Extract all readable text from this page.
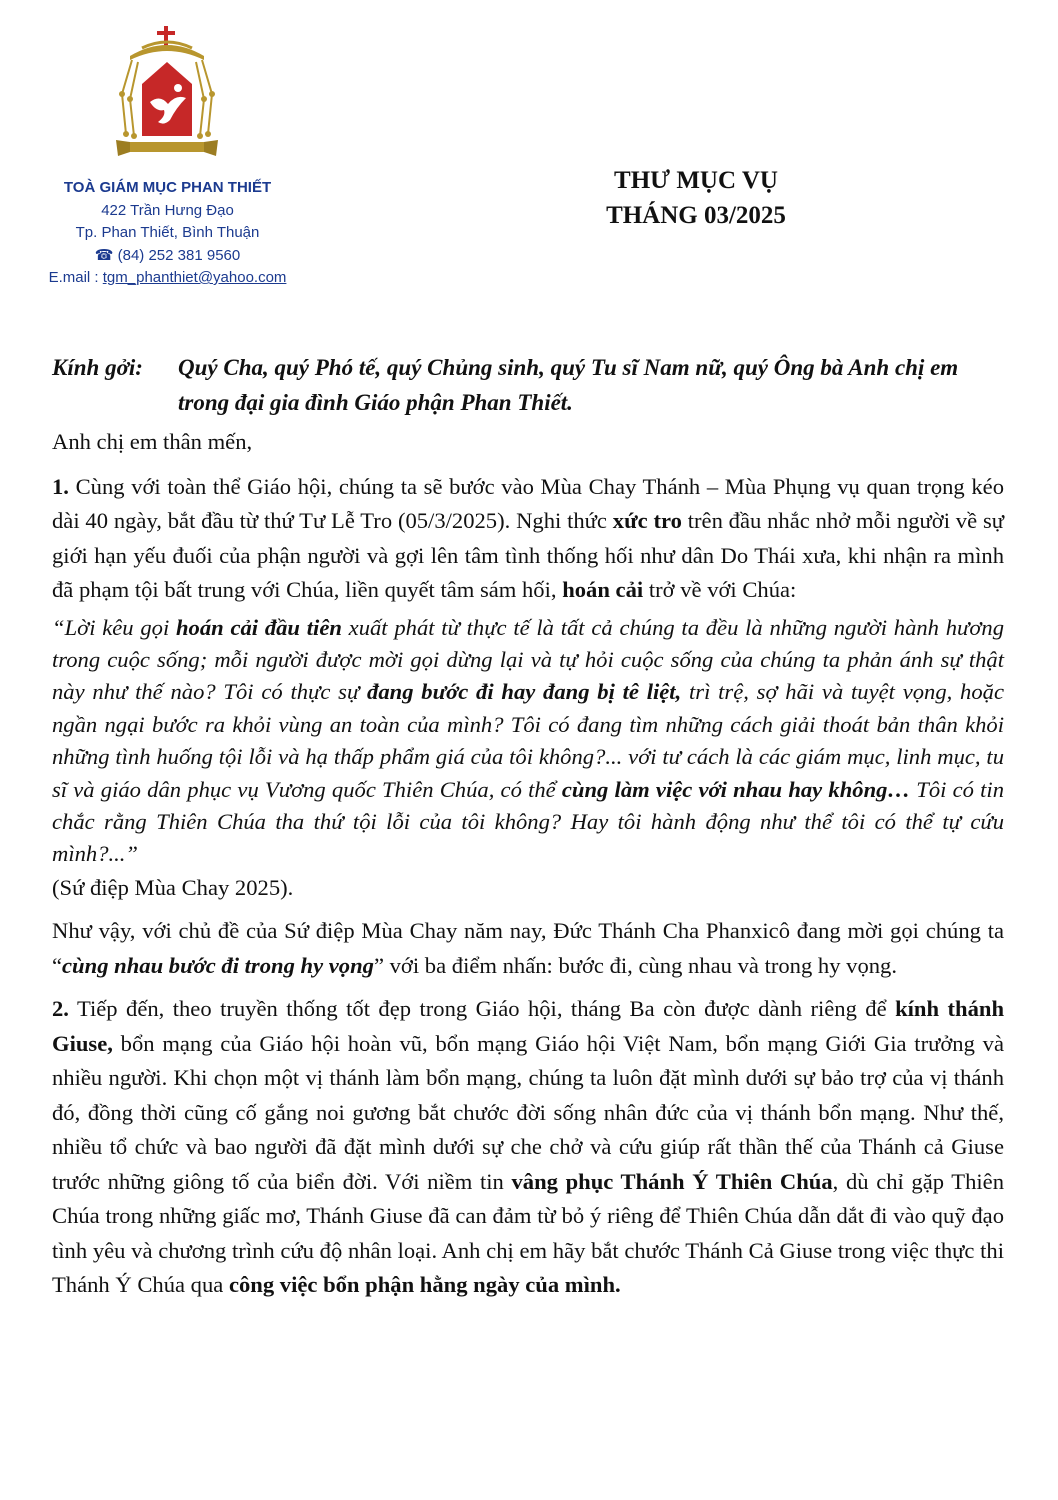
TOÀ GIÁM MỤC PHAN THIẾT
422 Trần Hưng Đạo
Tp. Phan Thiết, Bình Thuận
☎ (84) 252 381 9560
E.mail : tgm_phanthiet@yahoo.com
THƯ MỤC VỤ
THÁNG 03/2025
Kính gởi:	Quý Cha, quý Phó tế, quý Chủng sinh, quý Tu sĩ Nam nữ, quý Ông bà Anh chị em trong đại gia đình Giáo phận Phan Thiết.

Anh chị em thân mến,

1. Cùng với toàn thể Giáo hội, chúng ta sẽ bước vào Mùa Chay Thánh – Mùa Phụng vụ quan trọng kéo dài 40 ngày, bắt đầu từ thứ Tư Lễ Tro (05/3/2025). Nghi thức xức tro trên đầu nhắc nhở mỗi người về sự giới hạn yếu đuối của phận người và gợi lên tâm tình thống hối như dân Do Thái xưa, khi nhận ra mình đã phạm tội bất trung với Chúa, liền quyết tâm sám hối, hoán cải trở về với Chúa:

“Lời kêu gọi hoán cải đầu tiên xuất phát từ thực tế là tất cả chúng ta đều là những người hành hương trong cuộc sống; mỗi người được mời gọi dừng lại và tự hỏi cuộc sống của chúng ta phản ánh sự thật này như thế nào? Tôi có thực sự đang bước đi hay đang bị tê liệt, trì trệ, sợ hãi và tuyệt vọng, hoặc ngần ngại bước ra khỏi vùng an toàn của mình? Tôi có đang tìm những cách giải thoát bản thân khỏi những tình huống tội lỗi và hạ thấp phẩm giá của tôi không?... với tư cách là các giám mục, linh mục, tu sĩ và giáo dân phục vụ Vương quốc Thiên Chúa, có thể cùng làm việc với nhau hay không… Tôi có tin chắc rằng Thiên Chúa tha thứ tội lỗi của tôi không? Hay tôi hành động như thể tôi có thể tự cứu mình?...”

(Sứ điệp Mùa Chay 2025).

Như vậy, với chủ đề của Sứ điệp Mùa Chay năm nay, Đức Thánh Cha Phanxicô đang mời gọi chúng ta “cùng nhau bước đi trong hy vọng” với ba điểm nhấn: bước đi, cùng nhau và trong hy vọng.

2. Tiếp đến, theo truyền thống tốt đẹp trong Giáo hội, tháng Ba còn được dành riêng để kính thánh Giuse, bổn mạng của Giáo hội hoàn vũ, bổn mạng Giáo hội Việt Nam, bổn mạng Giới Gia trưởng và nhiều người. Khi chọn một vị thánh làm bổn mạng, chúng ta luôn đặt mình dưới sự bảo trợ của vị thánh đó, đồng thời cũng cố gắng noi gương bắt chước đời sống nhân đức của vị thánh bổn mạng. Như thế, nhiều tổ chức và bao người đã đặt mình dưới sự che chở và cứu giúp rất thần thế của Thánh cả Giuse trước những giông tố của biển đời. Với niềm tin vâng phục Thánh Ý Thiên Chúa, dù chỉ gặp Thiên Chúa trong những giấc mơ, Thánh Giuse đã can đảm từ bỏ ý riêng để Thiên Chúa dẫn dắt đi vào quỹ đạo tình yêu và chương trình cứu độ nhân loại. Anh chị em hãy bắt chước Thánh Cả Giuse trong việc thực thi Thánh Ý Chúa qua công việc bổn phận hằng ngày của mình.
